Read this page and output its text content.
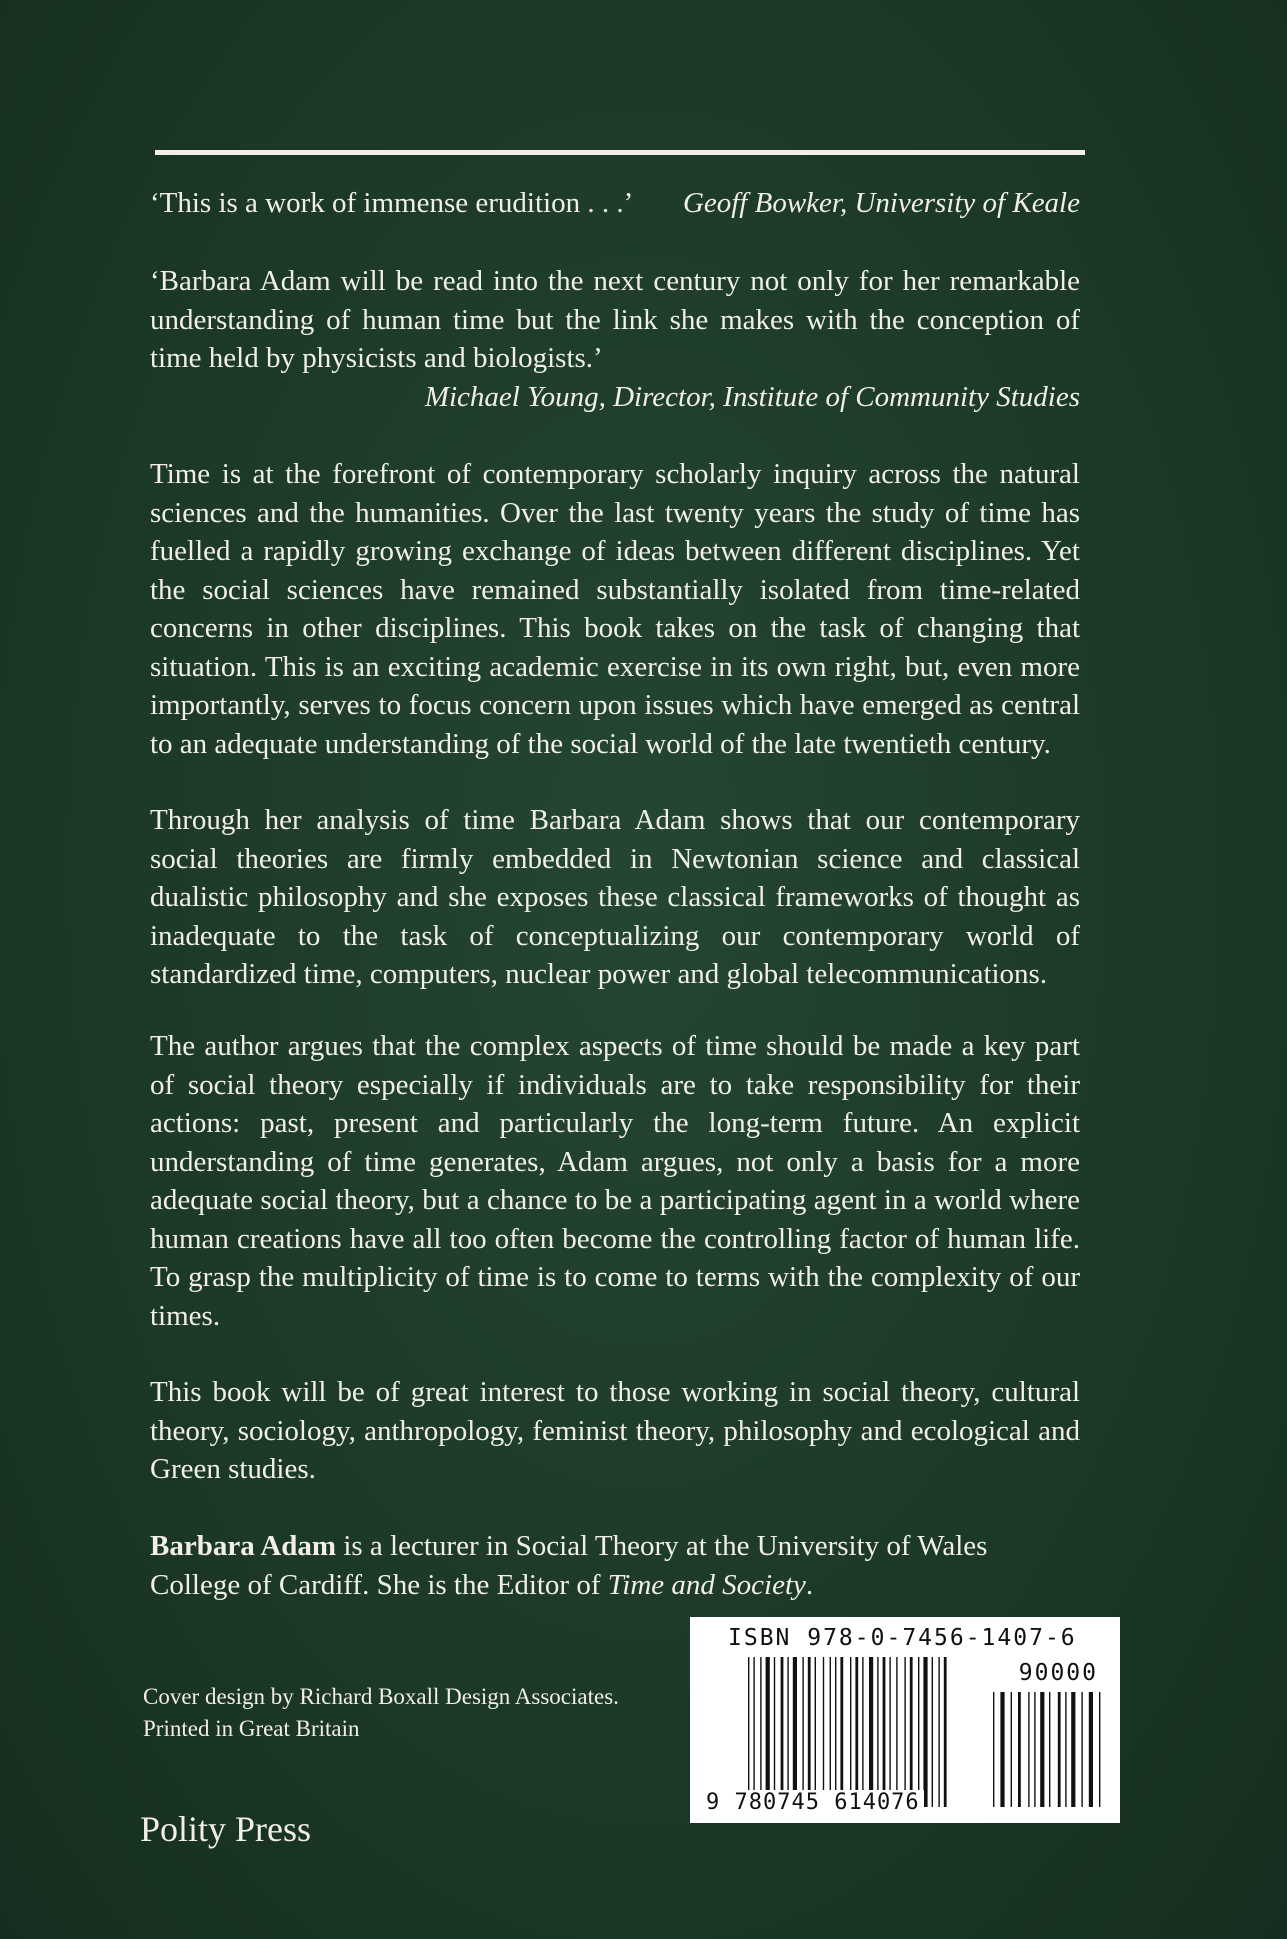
‘This is a work of immense erudition . . .’ Geoff Bowker, University of Keale
‘Barbara Adam will be read into the next century not only for her remarkable understanding of human time but the link she makes with the conception of time held by physicists and biologists.’
Michael Young, Director, Institute of Community Studies
Time is at the forefront of contemporary scholarly inquiry across the natural sciences and the humanities. Over the last twenty years the study of time has fuelled a rapidly growing exchange of ideas between different disciplines. Yet the social sciences have remained substantially isolated from time-related concerns in other disciplines. This book takes on the task of changing that situation. This is an exciting academic exercise in its own right, but, even more importantly, serves to focus concern upon issues which have emerged as central to an adequate understanding of the social world of the late twentieth century.
Through her analysis of time Barbara Adam shows that our contemporary social theories are firmly embedded in Newtonian science and classical dualistic philosophy and she exposes these classical frameworks of thought as inadequate to the task of conceptualizing our contemporary world of standardized time, computers, nuclear power and global telecommunications.
The author argues that the complex aspects of time should be made a key part of social theory especially if individuals are to take responsibility for their actions: past, present and particularly the long-term future. An explicit understanding of time generates, Adam argues, not only a basis for a more adequate social theory, but a chance to be a participating agent in a world where human creations have all too often become the controlling factor of human life. To grasp the multiplicity of time is to come to terms with the complexity of our times.
This book will be of great interest to those working in social theory, cultural theory, sociology, anthropology, feminist theory, philosophy and ecological and Green studies.
Barbara Adam is a lecturer in Social Theory at the University of Wales College of Cardiff. She is the Editor of Time and Society.
Cover design by Richard Boxall Design Associates.
Printed in Great Britain
Polity Press
ISBN 978-0-7456-1407-6
90000
9 780745 614076
